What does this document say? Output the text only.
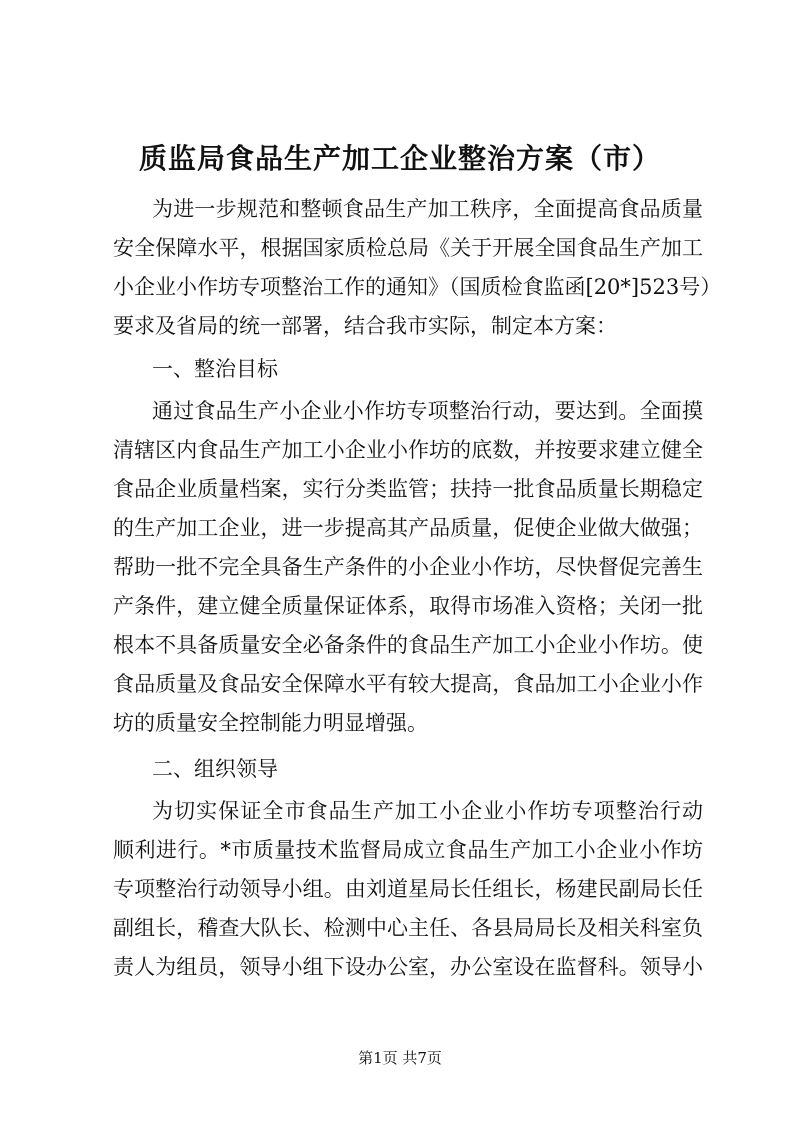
质监局食品生产加工企业整治方案（市）
为进一步规范和整顿食品生产加工秩序，全面提高食品质量
安全保障水平，根据国家质检总局《关于开展全国食品生产加工
小企业小作坊专项整治工作的通知》（国质检食监函[20*]523号）
要求及省局的统一部署，结合我市实际，制定本方案：
一、整治目标
通过食品生产小企业小作坊专项整治行动，要达到。全面摸
清辖区内食品生产加工小企业小作坊的底数，并按要求建立健全
食品企业质量档案，实行分类监管；扶持一批食品质量长期稳定
的生产加工企业，进一步提高其产品质量，促使企业做大做强；
帮助一批不完全具备生产条件的小企业小作坊，尽快督促完善生
产条件，建立健全质量保证体系，取得市场准入资格；关闭一批
根本不具备质量安全必备条件的食品生产加工小企业小作坊。使
食品质量及食品安全保障水平有较大提高，食品加工小企业小作
坊的质量安全控制能力明显增强。
二、组织领导
为切实保证全市食品生产加工小企业小作坊专项整治行动
顺利进行。*市质量技术监督局成立食品生产加工小企业小作坊
专项整治行动领导小组。由刘道星局长任组长，杨建民副局长任
副组长，稽查大队长、检测中心主任、各县局局长及相关科室负
责人为组员，领导小组下设办公室，办公室设在监督科。领导小
第1页 共7页
